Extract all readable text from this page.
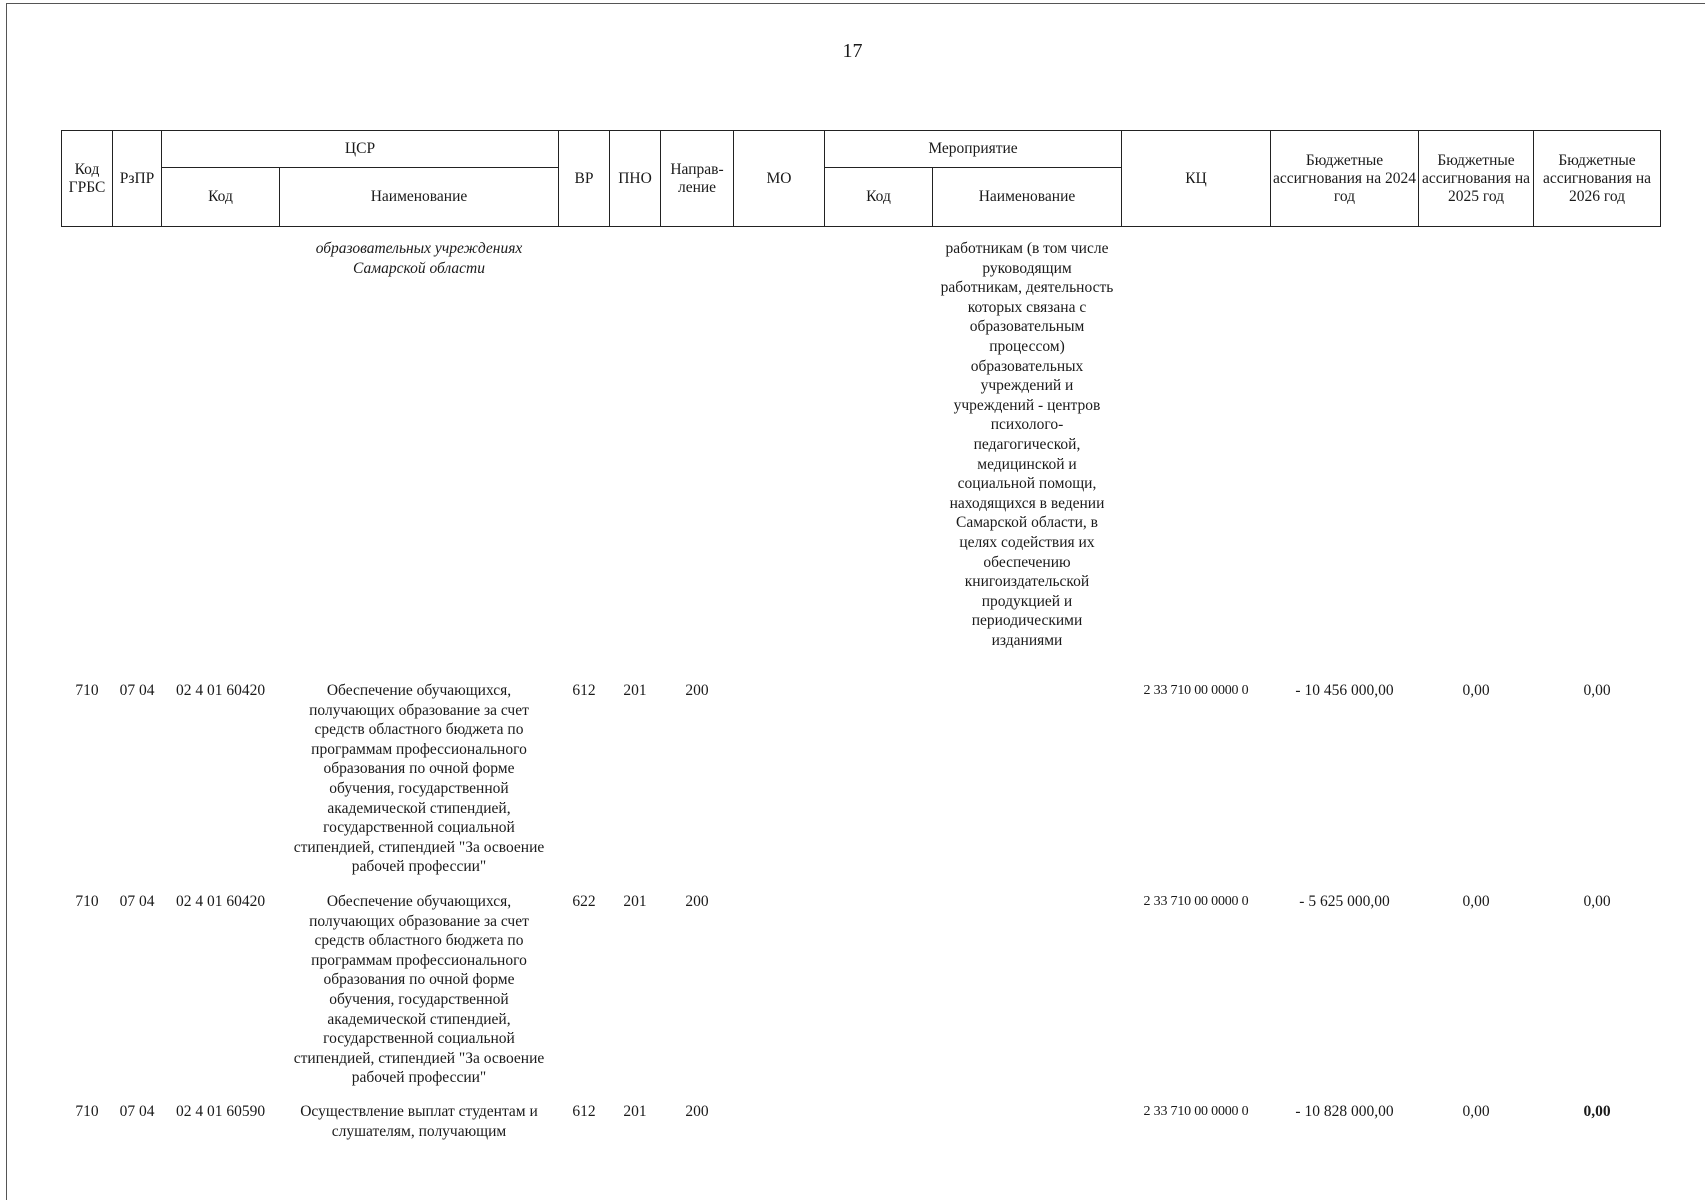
17
Код ГРБС	РзПР	ЦСР		ВР	ПНО	Направ-ление	МО	Мероприятие		КЦ	Бюджетные ассигнования на 2024 год	Бюджетные ассигнования на 2025 год	Бюджетные ассигнования на 2026 год
		Код	Наименование					Код	Наименование				

			образовательных учреждениях Самарской области						работникам (в том числе руководящим работникам, деятельность которых связана с образовательным процессом) образовательных учреждений и учреждений - центров психолого-педагогической, медицинской и социальной помощи, находящихся в ведении Самарской области, в целях содействия их обеспечению книгоиздательской продукцией и периодическими изданиями				

710	07 04	02 4 01 60420	Обеспечение обучающихся, получающих образование за счет средств областного бюджета по программам профессионального образования по очной форме обучения, государственной академической стипендией, государственной социальной стипендией, стипендией "За освоение рабочей профессии"	612	201	200				2 33 710 00 0000 0	- 10 456 000,00	0,00	0,00
710	07 04	02 4 01 60420	Обеспечение обучающихся, получающих образование за счет средств областного бюджета по программам профессионального образования по очной форме обучения, государственной академической стипендией, государственной социальной стипендией, стипендией "За освоение рабочей профессии"	622	201	200				2 33 710 00 0000 0	- 5 625 000,00	0,00	0,00
710	07 04	02 4 01 60590	Осуществление выплат студентам и слушателям, получающим	612	201	200				2 33 710 00 0000 0	- 10 828 000,00	0,00	0,00
